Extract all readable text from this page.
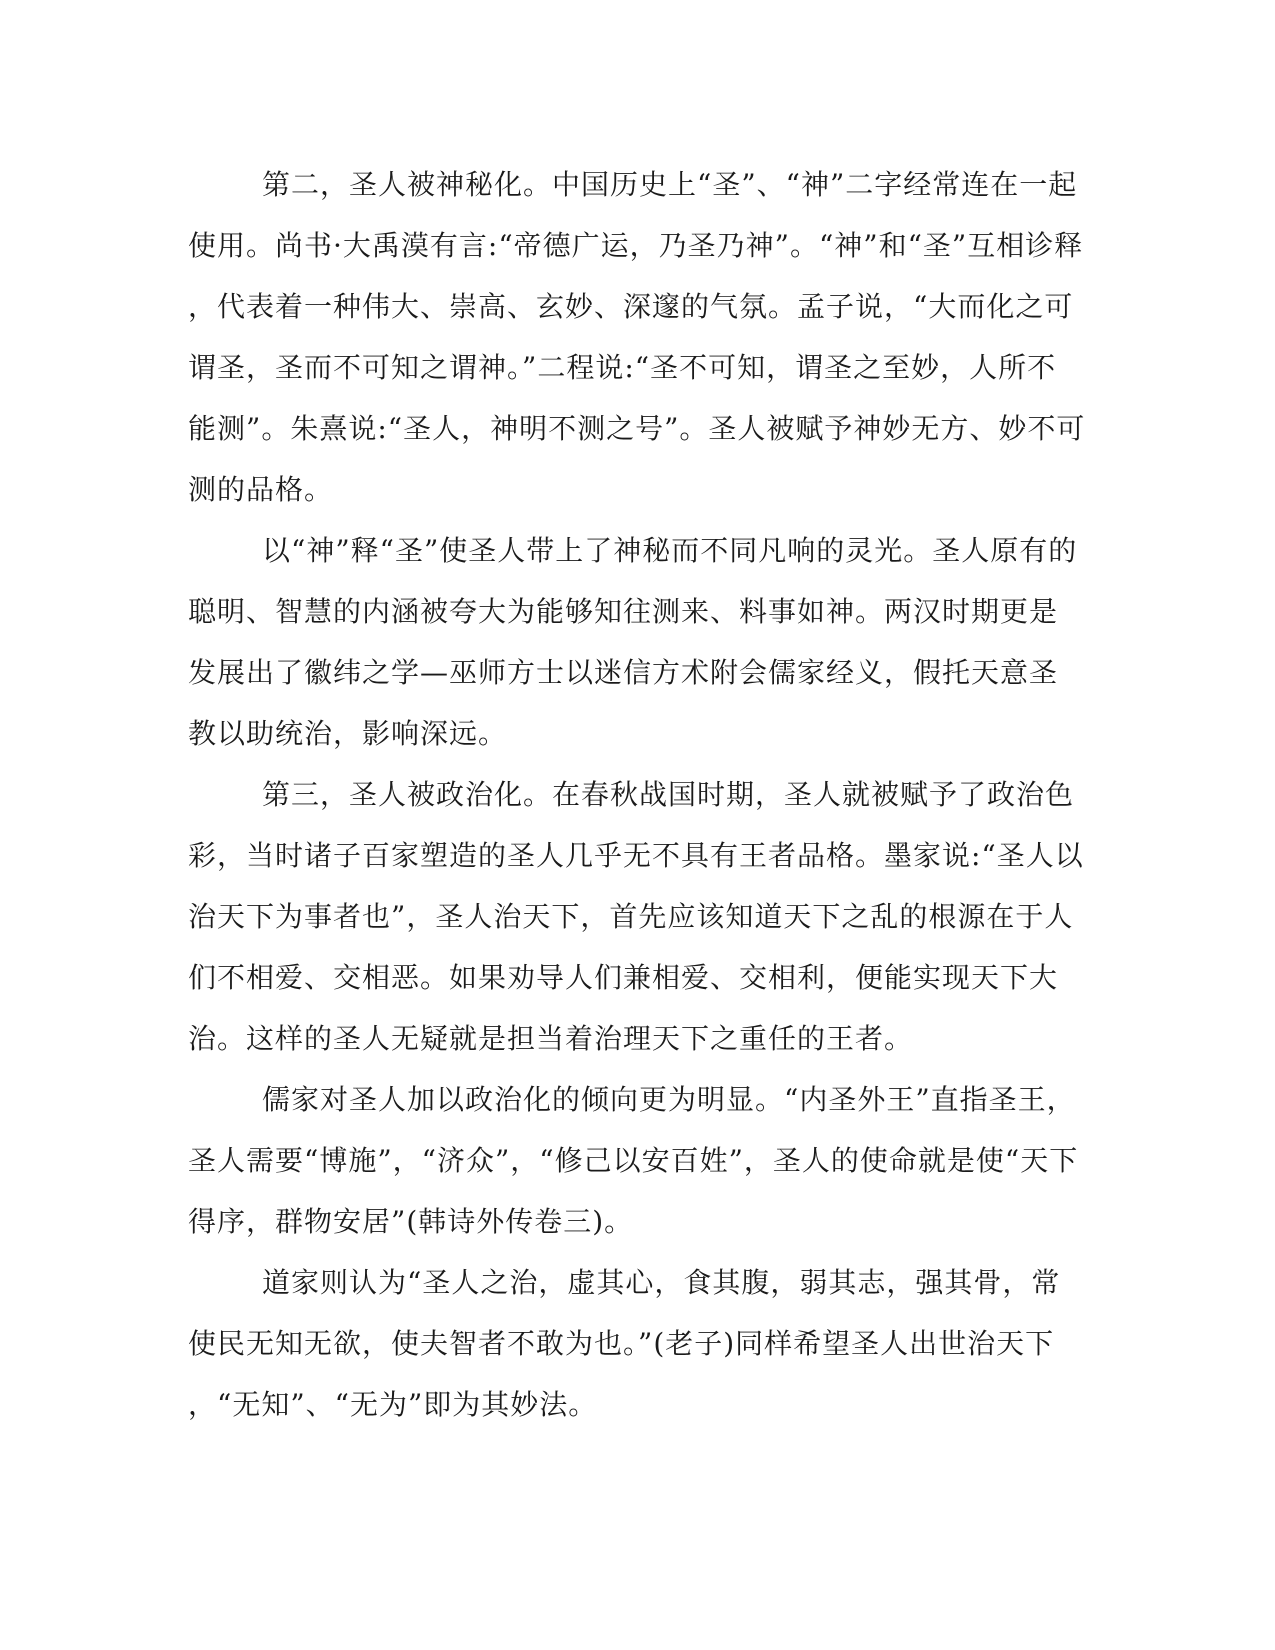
第二，圣人被神秘化。中国历史上“圣”、“神”二字经常连在一起
使用。尚书·大禹漠有言:“帝德广运，乃圣乃神”。“神”和“圣”互相诊释
，代表着一种伟大、崇高、玄妙、深邃的气氛。孟子说，“大而化之可
谓圣，圣而不可知之谓神。”二程说:“圣不可知，谓圣之至妙，人所不
能测”。朱熹说:“圣人，神明不测之号”。圣人被赋予神妙无方、妙不可
测的品格。
以“神”释“圣”使圣人带上了神秘而不同凡响的灵光。圣人原有的
聪明、智慧的内涵被夸大为能够知往测来、料事如神。两汉时期更是
发展出了徽纬之学—巫师方士以迷信方术附会儒家经义，假托天意圣
教以助统治，影响深远。
第三，圣人被政治化。在春秋战国时期，圣人就被赋予了政治色
彩，当时诸子百家塑造的圣人几乎无不具有王者品格。墨家说:“圣人以
治天下为事者也”，圣人治天下，首先应该知道天下之乱的根源在于人
们不相爱、交相恶。如果劝导人们兼相爱、交相利，便能实现天下大
治。这样的圣人无疑就是担当着治理天下之重任的王者。
儒家对圣人加以政治化的倾向更为明显。“内圣外王”直指圣王，
圣人需要“博施”，“济众”，“修己以安百姓”，圣人的使命就是使“天下
得序，群物安居”(韩诗外传卷三)。
道家则认为“圣人之治，虚其心，食其腹，弱其志，强其骨，常
使民无知无欲，使夫智者不敢为也。”(老子)同样希望圣人出世治天下
，“无知”、“无为”即为其妙法。
